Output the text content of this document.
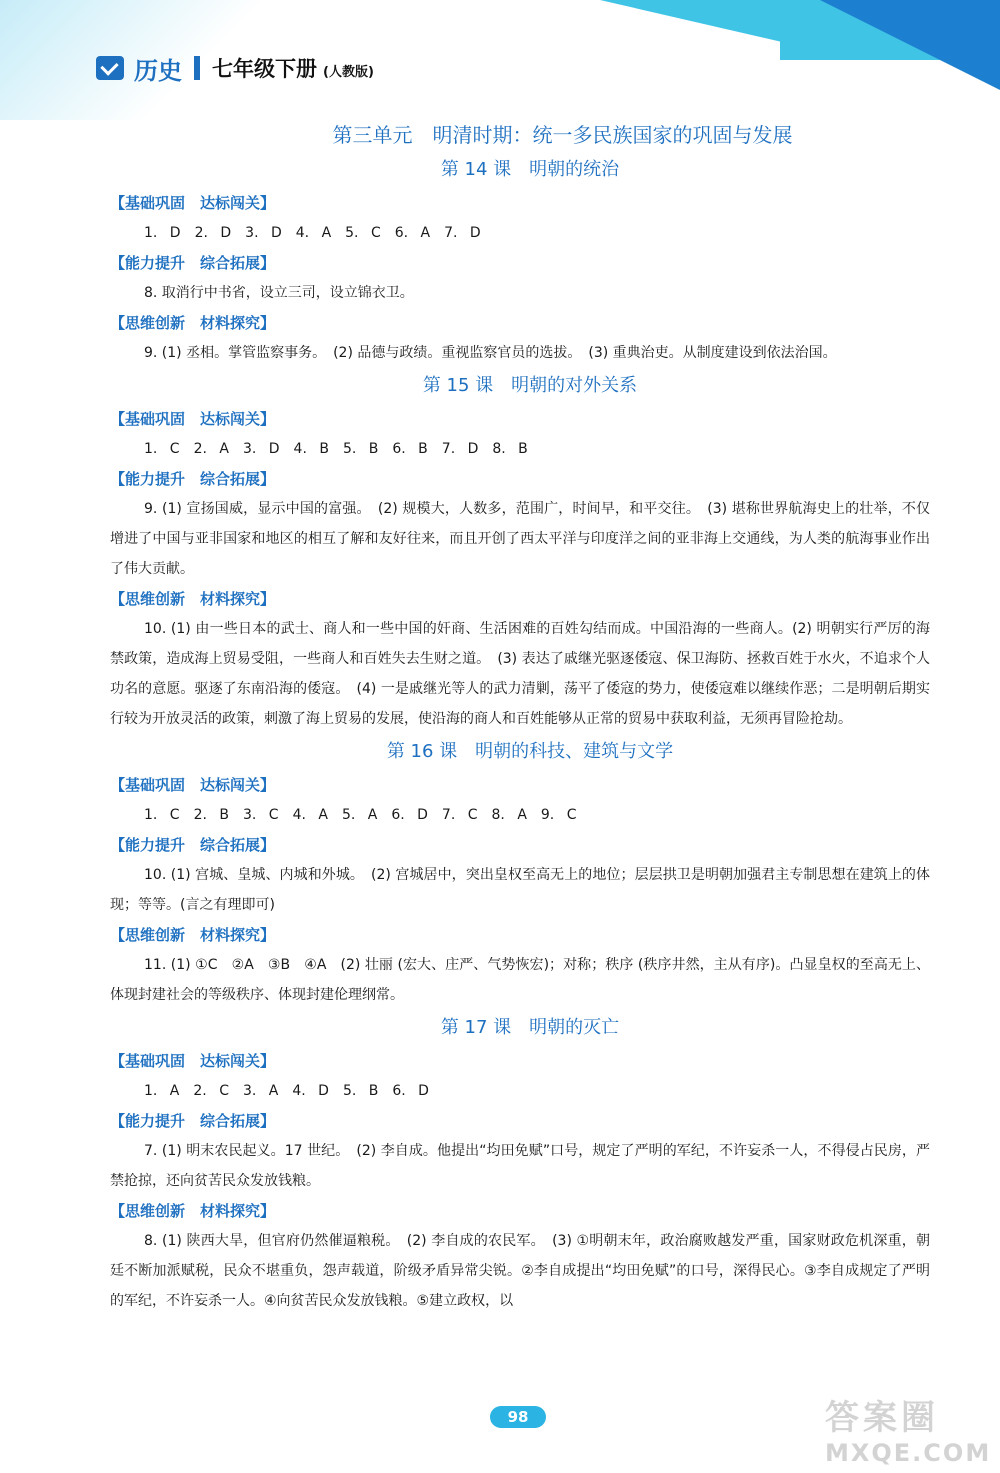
历史 七年级下册 (人教版)
第三单元　明清时期：统一多民族国家的巩固与发展
第 14 课　明朝的统治
【基础巩固　达标闯关】
1. D　2. D　3. D　4. A　5. C　6. A　7. D
【能力提升　综合拓展】
8. 取消行中书省，设立三司，设立锦衣卫。
【思维创新　材料探究】
9. (1) 丞相。掌管监察事务。　(2) 品德与政绩。重视监察官员的选拔。　(3) 重典治吏。从制度建设到依法治国。
第 15 课　明朝的对外关系
【基础巩固　达标闯关】
1. C　2. A　3. D　4. B　5. B　6. B　7. D　8. B
【能力提升　综合拓展】
9. (1) 宣扬国威，显示中国的富强。　(2) 规模大，人数多，范围广，时间早，和平交往。　(3) 堪称世界航海史上的壮举，不仅增进了中国与亚非国家和地区的相互了解和友好往来，而且开创了西太平洋与印度洋之间的亚非海上交通线，为人类的航海事业作出了伟大贡献。
【思维创新　材料探究】
10. (1) 由一些日本的武士、商人和一些中国的奸商、生活困难的百姓勾结而成。中国沿海的一些商人。(2) 明朝实行严厉的海禁政策，造成海上贸易受阻，一些商人和百姓失去生财之道。　(3) 表达了戚继光驱逐倭寇、保卫海防、拯救百姓于水火，不追求个人功名的意愿。驱逐了东南沿海的倭寇。　(4) 一是戚继光等人的武力清剿，荡平了倭寇的势力，使倭寇难以继续作恶；二是明朝后期实行较为开放灵活的政策，刺激了海上贸易的发展，使沿海的商人和百姓能够从正常的贸易中获取利益，无须再冒险抢劫。
第 16 课　明朝的科技、建筑与文学
【基础巩固　达标闯关】
1. C　2. B　3. C　4. A　5. A　6. D　7. C　8. A　9. C
【能力提升　综合拓展】
10. (1) 宫城、皇城、内城和外城。　(2) 宫城居中，突出皇权至高无上的地位；层层拱卫是明朝加强君主专制思想在建筑上的体现；等等。(言之有理即可)
【思维创新　材料探究】
11. (1) ①C　②A　③B　④A　(2) 壮丽 (宏大、庄严、气势恢宏)；对称；秩序 (秩序井然，主从有序)。凸显皇权的至高无上、体现封建社会的等级秩序、体现封建伦理纲常。
第 17 课　明朝的灭亡
【基础巩固　达标闯关】
1. A　2. C　3. A　4. D　5. B　6. D
【能力提升　综合拓展】
7. (1) 明末农民起义。17 世纪。　(2) 李自成。他提出“均田免赋”口号，规定了严明的军纪，不许妄杀一人，不得侵占民房，严禁抢掠，还向贫苦民众发放钱粮。
【思维创新　材料探究】
8. (1) 陕西大旱，但官府仍然催逼粮税。　(2) 李自成的农民军。　(3) ①明朝末年，政治腐败越发严重，国家财政危机深重，朝廷不断加派赋税，民众不堪重负，怨声载道，阶级矛盾异常尖锐。②李自成提出“均田免赋”的口号，深得民心。③李自成规定了严明的军纪，不许妄杀一人。④向贫苦民众发放钱粮。⑤建立政权，以
98	答案圈
MXQE.COM
